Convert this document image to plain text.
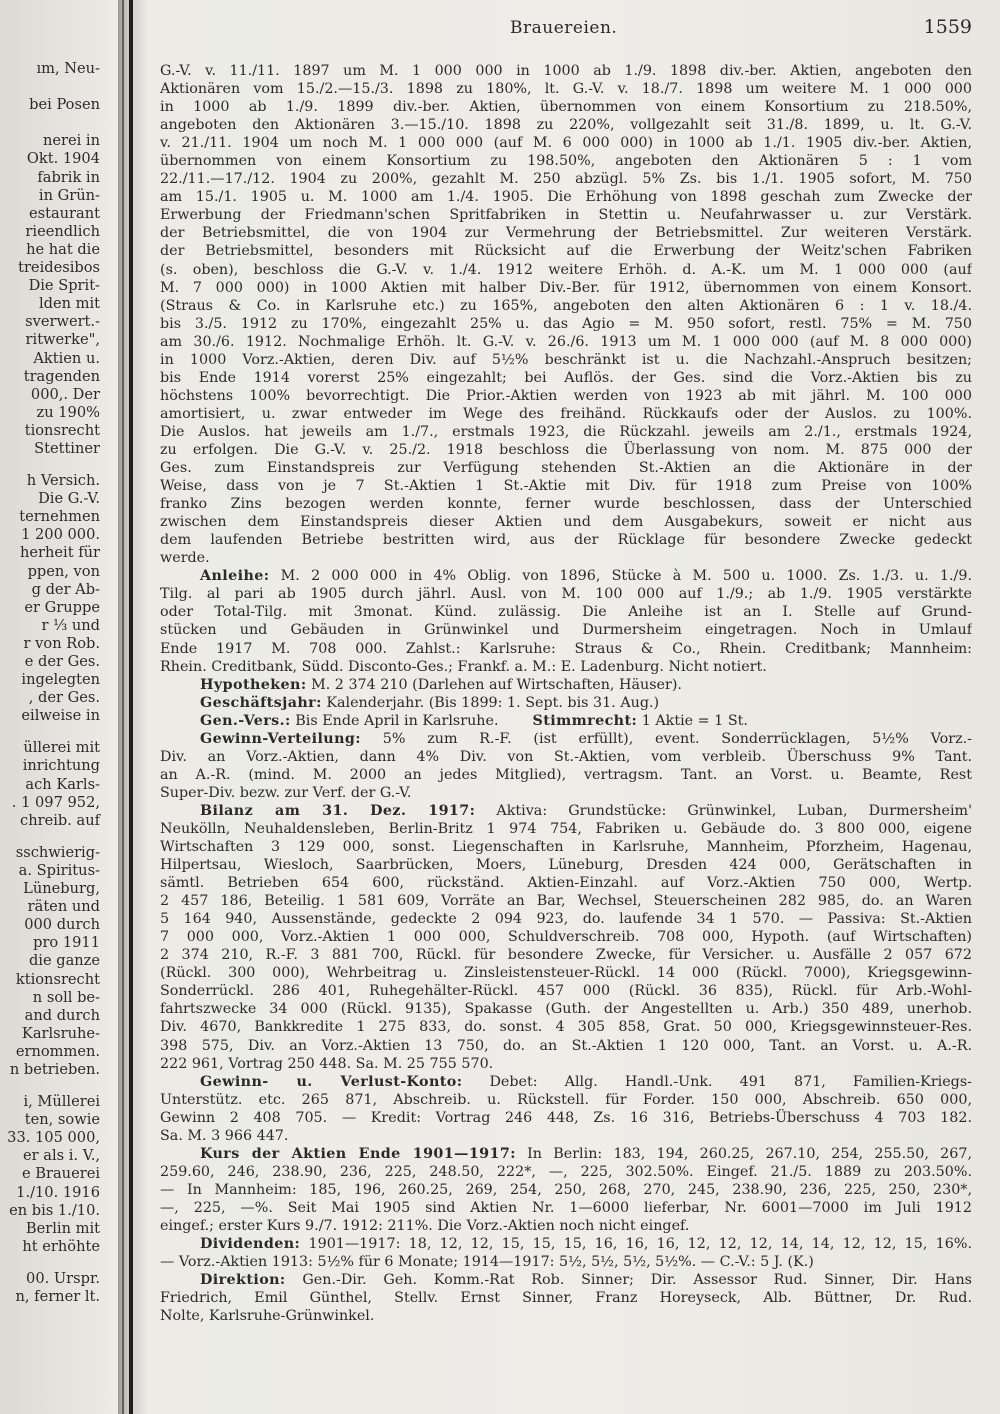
ım, Neu-
bei Posen
nerei in
Okt. 1904
fabrik in
in Grün-
estaurant
rieendlich
he hat die
treidesibos
Die Sprit-
lden mit
sverwert.-
ritwerke",
Aktien u.
tragenden
000,. Der
zu 190%
tionsrecht
Stettiner
h Versich.
Die G.-V.
ternehmen
1 200 000.
herheit für
ppen, von
g der Ab-
er Gruppe
r ⅓ und
r von Rob.
e der Ges.
ingelegten
, der Ges.
eilweise in
üllerei mit
inrichtung
ach Karls-
. 1 097 952,
chreib. auf
sschwierig-
a. Spiritus-
Lüneburg,
räten und
000 durch
pro 1911
die ganze
ktionsrecht
n soll be-
and durch
Karlsruhe-
ernommen.
n betrieben.
i, Müllerei
ten, sowie
33. 105 000,
er als i. V.,
e Brauerei
1./10. 1916
en bis 1./10.
Berlin mit
ht erhöhte
00. Urspr.
n, ferner lt.
Brauereien.	1559
G.-V. v. 11./11. 1897 um M. 1 000 000 in 1000 ab 1./9. 1898 div.-ber. Aktien, angeboten den
Aktionären vom 15./2.—15./3. 1898 zu 180%, lt. G.-V. v. 18./7. 1898 um weitere M. 1 000 000
in 1000 ab 1./9. 1899 div.-ber. Aktien, übernommen von einem Konsortium zu 218.50%,
angeboten den Aktionären 3.—15./10. 1898 zu 220%, vollgezahlt seit 31./8. 1899, u. lt. G.-V.
v. 21./11. 1904 um noch M. 1 000 000 (auf M. 6 000 000) in 1000 ab 1./1. 1905 div.-ber. Aktien,
übernommen von einem Konsortium zu 198.50%, angeboten den Aktionären 5 : 1 vom
22./11.—17./12. 1904 zu 200%, gezahlt M. 250 abzügl. 5% Zs. bis 1./1. 1905 sofort, M. 750
am 15./1. 1905 u. M. 1000 am 1./4. 1905. Die Erhöhung von 1898 geschah zum Zwecke der
Erwerbung der Friedmann'schen Spritfabriken in Stettin u. Neufahrwasser u. zur Verstärk.
der Betriebsmittel, die von 1904 zur Vermehrung der Betriebsmittel. Zur weiteren Verstärk.
der Betriebsmittel, besonders mit Rücksicht auf die Erwerbung der Weitz'schen Fabriken
(s. oben), beschloss die G.-V. v. 1./4. 1912 weitere Erhöh. d. A.-K. um M. 1 000 000 (auf
M. 7 000 000) in 1000 Aktien mit halber Div.-Ber. für 1912, übernommen von einem Konsort.
(Straus & Co. in Karlsruhe etc.) zu 165%, angeboten den alten Aktionären 6 : 1 v. 18./4.
bis 3./5. 1912 zu 170%, eingezahlt 25% u. das Agio = M. 950 sofort, restl. 75% = M. 750
am 30./6. 1912. Nochmalige Erhöh. lt. G.-V. v. 26./6. 1913 um M. 1 000 000 (auf M. 8 000 000)
in 1000 Vorz.-Aktien, deren Div. auf 5½% beschränkt ist u. die Nachzahl.-Anspruch besitzen;
bis Ende 1914 vorerst 25% eingezahlt; bei Auflös. der Ges. sind die Vorz.-Aktien bis zu
höchstens 100% bevorrechtigt. Die Prior.-Aktien werden von 1923 ab mit jährl. M. 100 000
amortisiert, u. zwar entweder im Wege des freihänd. Rückkaufs oder der Auslos. zu 100%.
Die Auslos. hat jeweils am 1./7., erstmals 1923, die Rückzahl. jeweils am 2./1., erstmals 1924,
zu erfolgen. Die G.-V. v. 25./2. 1918 beschloss die Überlassung von nom. M. 875 000 der
Ges. zum Einstandspreis zur Verfügung stehenden St.-Aktien an die Aktionäre in der
Weise, dass von je 7 St.-Aktien 1 St.-Aktie mit Div. für 1918 zum Preise von 100%
franko Zins bezogen werden konnte, ferner wurde beschlossen, dass der Unterschied
zwischen dem Einstandspreis dieser Aktien und dem Ausgabekurs, soweit er nicht aus
dem laufenden Betriebe bestritten wird, aus der Rücklage für besondere Zwecke gedeckt
werde.
Anleihe: M. 2 000 000 in 4% Oblig. von 1896, Stücke à M. 500 u. 1000. Zs. 1./3. u. 1./9.
Tilg. al pari ab 1905 durch jährl. Ausl. von M. 100 000 auf 1./9.; ab 1./9. 1905 verstärkte
oder Total-Tilg. mit 3monat. Künd. zulässig. Die Anleihe ist an I. Stelle auf Grund-
stücken und Gebäuden in Grünwinkel und Durmersheim eingetragen. Noch in Umlauf
Ende 1917 M. 708 000. Zahlst.: Karlsruhe: Straus & Co., Rhein. Creditbank; Mannheim:
Rhein. Creditbank, Südd. Disconto-Ges.; Frankf. a. M.: E. Ladenburg. Nicht notiert.
Hypotheken: M. 2 374 210 (Darlehen auf Wirtschaften, Häuser).
Geschäftsjahr: Kalenderjahr. (Bis 1899: 1. Sept. bis 31. Aug.)
Gen.-Vers.: Bis Ende April in Karlsruhe. Stimmrecht: 1 Aktie = 1 St.
Gewinn-Verteilung: 5% zum R.-F. (ist erfüllt), event. Sonderrücklagen, 5½% Vorz.-
Div. an Vorz.-Aktien, dann 4% Div. von St.-Aktien, vom verbleib. Überschuss 9% Tant.
an A.-R. (mind. M. 2000 an jedes Mitglied), vertragsm. Tant. an Vorst. u. Beamte, Rest
Super-Div. bezw. zur Verf. der G.-V.
Bilanz am 31. Dez. 1917: Aktiva: Grundstücke: Grünwinkel, Luban, Durmersheim'
Neukölln, Neuhaldensleben, Berlin-Britz 1 974 754, Fabriken u. Gebäude do. 3 800 000, eigene
Wirtschaften 3 129 000, sonst. Liegenschaften in Karlsruhe, Mannheim, Pforzheim, Hagenau,
Hilpertsau, Wiesloch, Saarbrücken, Moers, Lüneburg, Dresden 424 000, Gerätschaften in
sämtl. Betrieben 654 600, rückständ. Aktien-Einzahl. auf Vorz.-Aktien 750 000, Wertp.
2 457 186, Beteilig. 1 581 609, Vorräte an Bar, Wechsel, Steuerscheinen 282 985, do. an Waren
5 164 940, Aussenstände, gedeckte 2 094 923, do. laufende 34 1 570. — Passiva: St.-Aktien
7 000 000, Vorz.-Aktien 1 000 000, Schuldverschreib. 708 000, Hypoth. (auf Wirtschaften)
2 374 210, R.-F. 3 881 700, Rückl. für besondere Zwecke, für Versicher. u. Ausfälle 2 057 672
(Rückl. 300 000), Wehrbeitrag u. Zinsleistensteuer-Rückl. 14 000 (Rückl. 7000), Kriegsgewinn-
Sonderrückl. 286 401, Ruhegehälter-Rückl. 457 000 (Rückl. 36 835), Rückl. für Arb.-Wohl-
fahrtszwecke 34 000 (Rückl. 9135), Spakasse (Guth. der Angestellten u. Arb.) 350 489, unerhob.
Div. 4670, Bankkredite 1 275 833, do. sonst. 4 305 858, Grat. 50 000, Kriegsgewinnsteuer-Res.
398 575, Div. an Vorz.-Aktien 13 750, do. an St.-Aktien 1 120 000, Tant. an Vorst. u. A.-R.
222 961, Vortrag 250 448. Sa. M. 25 755 570.
Gewinn- u. Verlust-Konto: Debet: Allg. Handl.-Unk. 491 871, Familien-Kriegs-
Unterstütz. etc. 265 871, Abschreib. u. Rückstell. für Forder. 150 000, Abschreib. 650 000,
Gewinn 2 408 705. — Kredit: Vortrag 246 448, Zs. 16 316, Betriebs-Überschuss 4 703 182.
Sa. M. 3 966 447.
Kurs der Aktien Ende 1901—1917: In Berlin: 183, 194, 260.25, 267.10, 254, 255.50, 267,
259.60, 246, 238.90, 236, 225, 248.50, 222*, —, 225, 302.50%. Eingef. 21./5. 1889 zu 203.50%.
— In Mannheim: 185, 196, 260.25, 269, 254, 250, 268, 270, 245, 238.90, 236, 225, 250, 230*,
—, 225, —%. Seit Mai 1905 sind Aktien Nr. 1—6000 lieferbar, Nr. 6001—7000 im Juli 1912
eingef.; erster Kurs 9./7. 1912: 211%. Die Vorz.-Aktien noch nicht eingef.
Dividenden: 1901—1917: 18, 12, 12, 15, 15, 15, 16, 16, 16, 12, 12, 12, 14, 14, 12, 12, 15, 16%.
— Vorz.-Aktien 1913: 5½% für 6 Monate; 1914—1917: 5½, 5½, 5½, 5½%. — C.-V.: 5 J. (K.)
Direktion: Gen.-Dir. Geh. Komm.-Rat Rob. Sinner; Dir. Assessor Rud. Sinner, Dir. Hans
Friedrich, Emil Günthel, Stellv. Ernst Sinner, Franz Horeyseck, Alb. Büttner, Dr. Rud.
Nolte, Karlsruhe-Grünwinkel.
